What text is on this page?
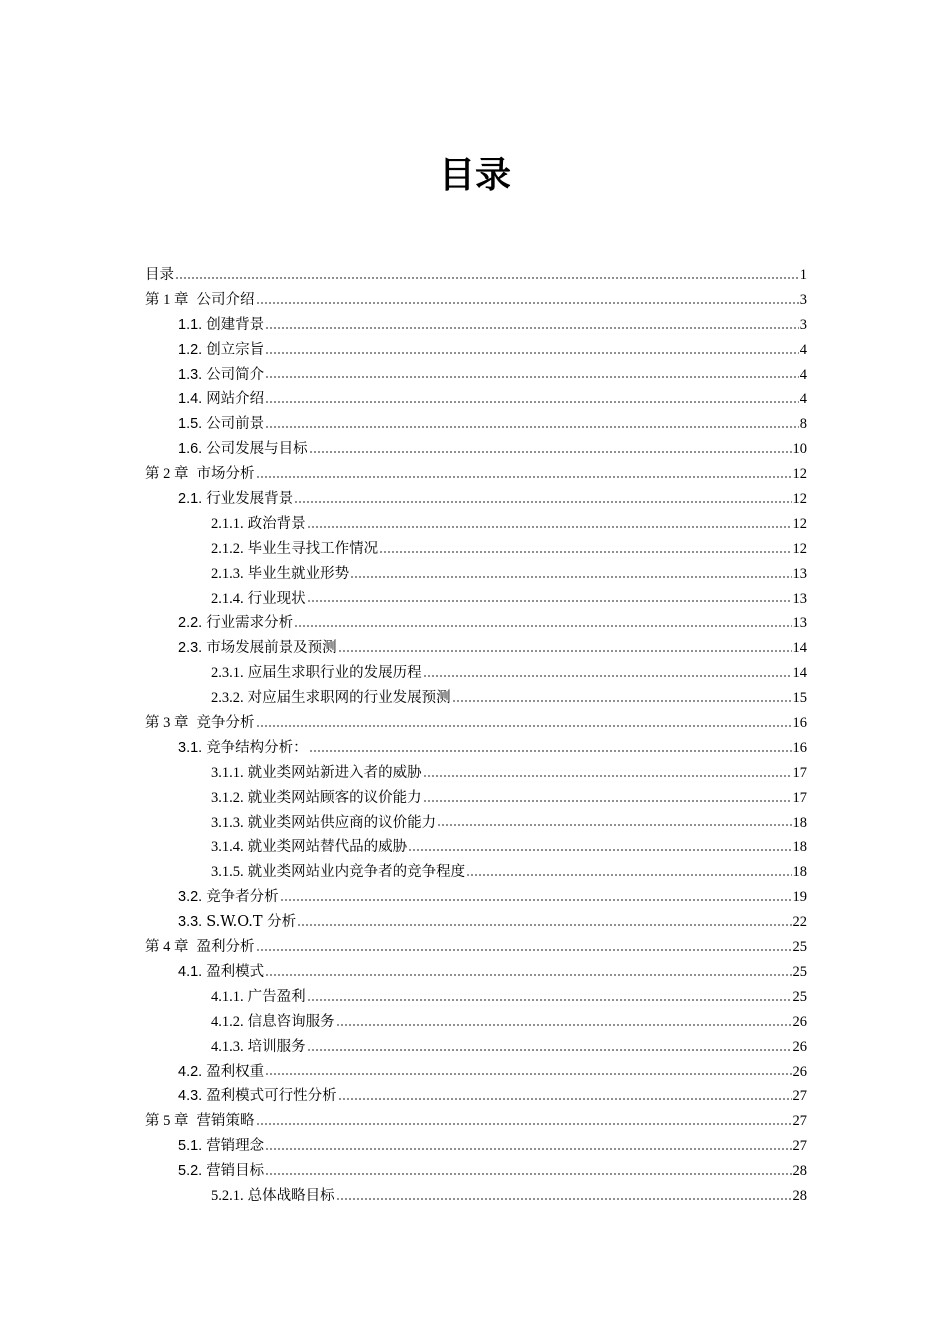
目录
目录	1
第 1 章 公司介绍	3
1.1. 创建背景	3
1.2. 创立宗旨	4
1.3. 公司简介	4
1.4. 网站介绍	4
1.5. 公司前景	8
1.6. 公司发展与目标	10
第 2 章 市场分析	12
2.1. 行业发展背景	12
2.1.1. 政治背景	12
2.1.2. 毕业生寻找工作情况	12
2.1.3. 毕业生就业形势	13
2.1.4. 行业现状	13
2.2. 行业需求分析	13
2.3. 市场发展前景及预测	14
2.3.1. 应届生求职行业的发展历程	14
2.3.2. 对应届生求职网的行业发展预测	15
第 3 章 竞争分析	16
3.1. 竞争结构分析：	16
3.1.1. 就业类网站新进入者的威胁	17
3.1.2. 就业类网站顾客的议价能力	17
3.1.3. 就业类网站供应商的议价能力	18
3.1.4. 就业类网站替代品的威胁	18
3.1.5. 就业类网站业内竞争者的竞争程度	18
3.2. 竞争者分析	19
3.3. S.W.O.T 分析	22
第 4 章 盈利分析	25
4.1. 盈利模式	25
4.1.1. 广告盈利	25
4.1.2. 信息咨询服务	26
4.1.3. 培训服务	26
4.2. 盈利权重	26
4.3. 盈利模式可行性分析	27
第 5 章 营销策略	27
5.1. 营销理念	27
5.2. 营销目标	28
5.2.1. 总体战略目标	28
